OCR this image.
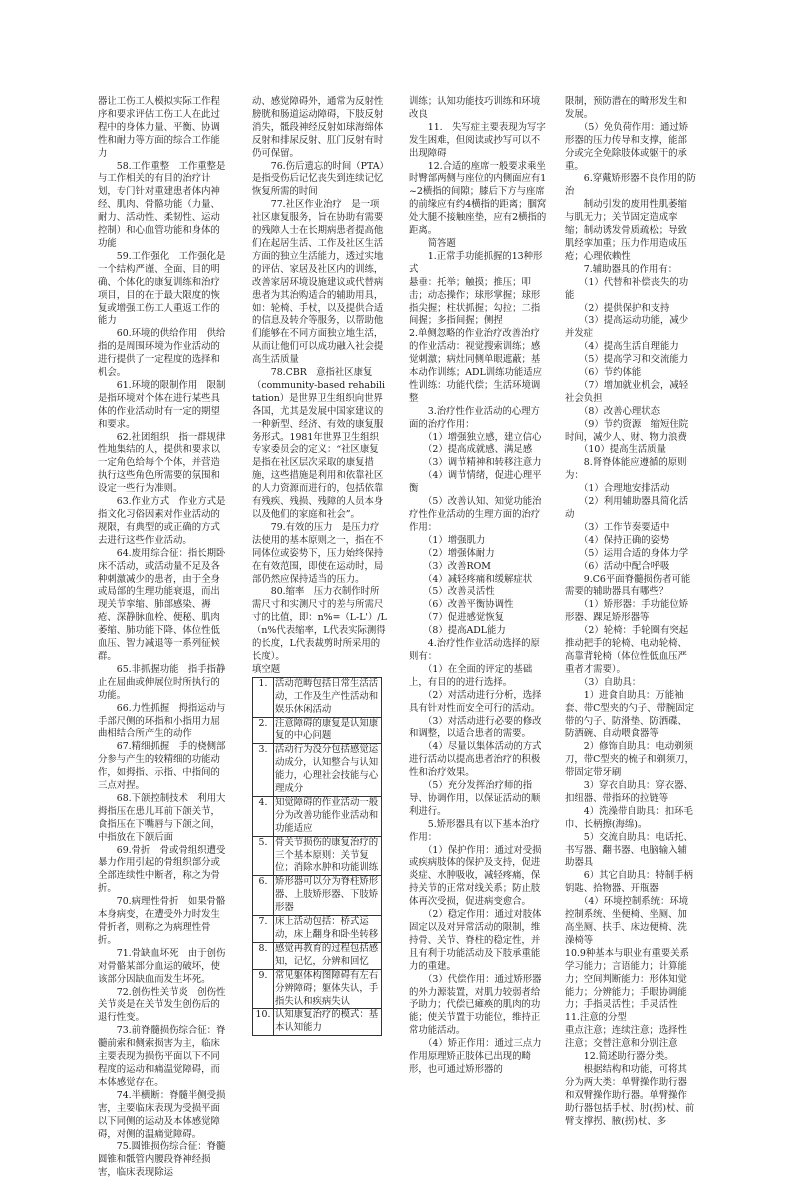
器让工伤工人模拟实际工作程序和要求评估工伤工人在此过程中的身体力量、平衡、协调性和耐力等方面的综合工作能力

　　58.工作重整　工作重整是与工作相关的有目的治疗计划，专门针对重建患者体内神经、肌肉、骨骼功能（力量、耐力、活动性、柔韧性、运动控制）和心血管功能和身体的功能

　　59.工作强化　工作强化是一个结构严谨、全面、目的明确、个体化的康复训练和治疗项目，目的在于最大限度的恢复或增强工伤工人重返工作的能力

　　60.环境的供给作用　供给指的是周围环境为作业活动的进行提供了一定程度的选择和机会。

　　61.环境的限制作用　限制是指环境对个体在进行某些具体的作业活动时有一定的期望和要求。

　　62.社团组织　指一群规律性地集结的人，提供和要求以一定角色给每个个体，并营造执行这些角色所需要的氛围和设定一些行为准则。

　　63.作业方式　作业方式是指文化习俗因素对作业活动的规限，有典型的或正确的方式去进行这些作业活动。

　　64.废用综合征：指长期卧床不活动，或活动量不足及各种刺激减少的患者，由于全身或局部的生理功能衰退，而出现关节挛缩、肺部感染、褥疮、深静脉血栓、便秘、肌肉萎缩、肺功能下降、体位性低血压、智力减退等一系列征候群。

　　65.非抓握功能　指手指静止在屈曲或伸展位时所执行的功能。

　　66.力性抓握　拇指运动与手部尺侧的环指和小指用力屈曲相结合所产生的动作

　　67.精细抓握　手的桡侧部分参与产生的较精细的功能动作，如拇指、示指、中指间的三点对捏。

　　68.下颌控制技术　利用大拇指压在患儿耳前下颌关节，食指压在下嘴唇与下颌之间，中指放在下颌后面

　　69.骨折　骨或骨组织遭受暴力作用引起的骨组织部分或全部连续性中断者，称之为骨折。

　　70.病理性骨折　如果骨骼本身病变，在遭受外力时发生骨折者，则称之为病理性骨折。

　　71.骨缺血坏死　由于创伤对骨骼某部分血运的破坏，使该部分因缺血而发生坏死。

　　72.创伤性关节炎　创伤性关节炎是在关节发生创伤后的退行性变。

　　73.前脊髓损伤综合征：脊髓前索和侧索损害为主，临床主要表现为损伤平面以下不同程度的运动和痛温觉障碍，而本体感觉存在。

　　74.半横断：脊髓半侧受损害，主要临床表现为受损平面以下同侧的运动及本体感觉障碍，对侧的温痛觉障碍。

　　75.圆锥损伤综合征：脊髓圆锥和骶管内腰段脊神经损害，临床表现除运

动、感觉障碍外，通常为反射性膀胱和肠道运动障碍，下肢反射消失，骶段神经反射如球海绵体反射和排尿反射、肛门反射有时仍可保留。

　　76.伤后遗忘的时间（PTA）是指受伤后记忆丧失到连续记忆恢复所需的时间

　　77.社区作业治疗　是一项社区康复服务，旨在协助有需要的残障人士在长期病患者提高他们在起居生活、工作及社区生活方面的独立生活能力，透过实地的评估、家居及社区内的训练，改善家居环境设施建议或代替病患者为其治购适合的辅助用具，如：轮椅、手杖，以及提供合适的信息及转介等服务，以帮助他们能够在不同方面独立地生活，从而让他们可以成功融入社会提高生活质量

　　78.CBR　意指社区康复（community-based rehabilitation）是世界卫生组织向世界各国，尤其是发展中国家建议的一种新型、经济、有效的康复服务形式。1981年世界卫生组织专家委员会的定义：“社区康复是指在社区层次采取的康复措施，这些措施是利用和依靠社区的人力资源而进行的，包括依靠有残疾、残损、残障的人员本身以及他们的家庭和社会”。

　　79.有效的压力　是压力疗法使用的基本原则之一，指在不同体位或姿势下，压力始终保持在有效范围，即使在运动时，局部仍然应保持适当的压力。

　　80.缩率　压力衣制作时所需尺寸和实测尺寸的差与所需尺寸的比值，即：n%=（L-L'）/L（n%代表缩率，L代表实际测得的长度，L代表裁剪时所采用的长度）。

填空题

1.	活动范畴包括日常生活活动，工作及生产性活动和娱乐休闲活动
2.	注意障碍的康复是认知康复的中心问题
3.	活动行为没分包括感觉运动成分，认知整合与认知能力，心理社会技能与心理成分
4.	知觉障碍的作业活动一般分为改善功能作业活动和功能适应
5.	骨关节损伤的康复治疗的三个基本原则：关节复位；消除水肿和功能训练
6.	矫形器可以分为脊柱矫形器、上肢矫形器、下肢矫形器
7.	床上活动包括：桥式运动，床上翻身和卧坐转移
8.	感觉再教育的过程包括感知，记忆，分辨和回忆
9.	常见躯体构图障碍有左右分辨障碍；躯体失认，手指失认和疾病失认
10.	认知康复治疗的模式：基本认知能力

训练；认知功能技巧训练和环境改良

　　11.　失写症主要表现为写字发生困难，但阅读或抄写可以不出现障碍

　　12.合适的座席一般要求乘坐时臀部两侧与座位的内侧面应有1~2横指的间隙；膝后下方与座席的前缘应有约4横指的距离；腘窝处大腿不接触座垫，应有2横指的距离。

　　简答题

　　1.正常手功能抓握的13种形式

悬垂：托举；触摸；推压；叩击；动态操作；球形掌握；球形指尖握；柱状抓握；勾拉；二指间握；多指间握；侧捏

2.单侧忽略的作业治疗改善治疗的作业活动：视觉搜索训练；感觉刺激；病灶同侧单眼遮蔽；基本动作训练；ADL训练功能适应性训练：功能代偿；生活环境调整

　　3.治疗性作业活动的心理方面的治疗作用：

　　（1）增强独立感，建立信心

　　（2）提高成就感、满足感

　　（3）调节精神和转移注意力

　　（4）调节情绪，促进心理平衡

　　（5）改善认知、知觉功能治疗性作业活动的生理方面的治疗作用：

　　（1）增强肌力

　　（2）增强体耐力

　　（3）改善ROM

　　（4）减轻疼痛和缓解症状

　　（5）改善灵活性

　　（6）改善平衡协调性

　　（7）促进感觉恢复

　　（8）提高ADL能力

　　4.治疗性作业活动选择的原则有：

　　（1）在全面的评定的基础上，有目的的进行选择。

　　（2）对活动进行分析，选择具有针对性而安全可行的活动。

　　（3）对活动进行必要的修改和调整，以适合患者的需要。

　　（4）尽量以集体活动的方式进行活动以提高患者治疗的积极性和治疗效果。

　　（5）充分发挥治疗师的指导、协调作用，以保证活动的顺利进行。

　　5.矫形器具有以下基本治疗作用：

　　（1）保护作用：通过对受损或疾病肢体的保护及支持，促进炎症、水肿吸收，减轻疼痛，保持关节的正常对线关系；防止肢体再次受损，促进病变愈合。

　　（2）稳定作用：通过对肢体固定以及对异常活动的限制，维持骨、关节、脊柱的稳定性，并且有利于功能活动及下肢承重能力的重建。

　　（3）代偿作用：通过矫形器的外力源装置，对肌力较弱者给予助力；代偿已瘫痪的肌肉的功能；使关节置于功能位，维持正常功能活动。

　　（4）矫正作用：通过三点力作用原理矫正肢体已出现的畸形，也可通过矫形器的

限制，预防潜在的畸形发生和发展。

　　（5）免负荷作用：通过矫形器的压力传导和支撑，能部分或完全免除肢体或躯干的承重。

　　6.穿戴矫形器不良作用的防治

　　制动引发的废用性肌萎缩与肌无力；关节固定造成挛缩；制动诱发骨质疏松；导致肌经挛加重；压力作用造成压疮；心理依赖性

　　7.辅助器具的作用有：

　　（1）代替和补偿丧失的功能

　　（2）提供保护和支持

　　（3）提高运动功能，减少并发症

　　（4）提高生活自理能力

　　（5）提高学习和交流能力

　　（6）节约体能

　　（7）增加就业机会，减轻社会负担

　　（8）改善心理状态

　　（9）节约资源　缩短住院时间，减少人、财、物力浪费

　　（10）提高生活质量

　　8.肾脊体能应遵循的原则为：

　　（1）合理地安排活动

　　（2）利用辅助器具简化活动

　　（3）工作节奏要适中

　　（4）保持正确的姿势

　　（5）运用合适的身体力学

　　（6）活动中配合呼吸

　　9.C6平面脊髓损伤者可能需要的辅助器具有哪些？

　　（1）矫形器：手功能位矫形器、踝足矫形器等

　　（2）轮椅：手轮圈有突起推动把手的轮椅、电动轮椅、高靠背轮椅（体位性低血压严重者才需要）。

　　（3）自助具：

　　1）进食自助具：万能袖套、带C型夹的勺子、带腕固定带的勺子、防滑垫、防洒碟、防洒碗、自动喂食器等

　　2）修饰自助具：电动剃须刀，带C型夹的梳子和剃须刀，带固定带牙刷

　　3）穿衣自助具：穿衣器、扣纽器、带指环的拉链等

　　4）洗澡带自助具：扣环毛巾、长柄擦(海绵)。

　　5）交流自助具：电话托、书写器、翻书器、电脑输入辅助器具

　　6）其它自助具：特制手柄钥匙、拾物器、开瓶器

　　（4）环境控制系统：环境控制系统、坐便椅、坐厕、加高坐厕、扶手、床边便椅、洗澡椅等

10.9种基本与职业有重要关系

学习能力；言语能力；计算能力；空间判断能力：形体知觉能力；分辨能力；手眼协调能力；手指灵活性；手灵活性

11.注意的分型

重点注意；连续注意；选择性注意；交替注意和分别注意

　　12.简述助行器分类。

　　根据结构和功能，可将其分为两大类：单臂操作助行器和双臂操作助行器。单臂操作助行器包括手杖、肘(拐)杖、前臂支撑拐、腋(拐)杖、多
